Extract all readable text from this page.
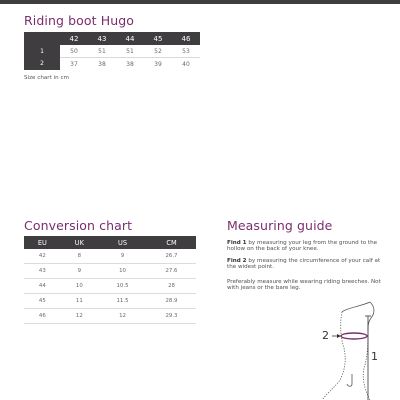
Riding boot Hugo
	42	43	44	45	46
1	50	51	51	52	53
2	37	38	38	39	40
Size chart in cm
Conversion chart
EU	UK	US	CM
42	8	9	26.7
43	9	10	27.6
44	10	10.5	28
45	11	11.5	28.9
46	12	12	29.3
Measuring guide

Find 1 by measuring your leg from the ground to the hollow on the back of your knee.

Find 2 by measuring the circumference of your calf at the widest point.

Preferably measure while wearing riding breeches. Not with jeans or the bare leg.

2
1
